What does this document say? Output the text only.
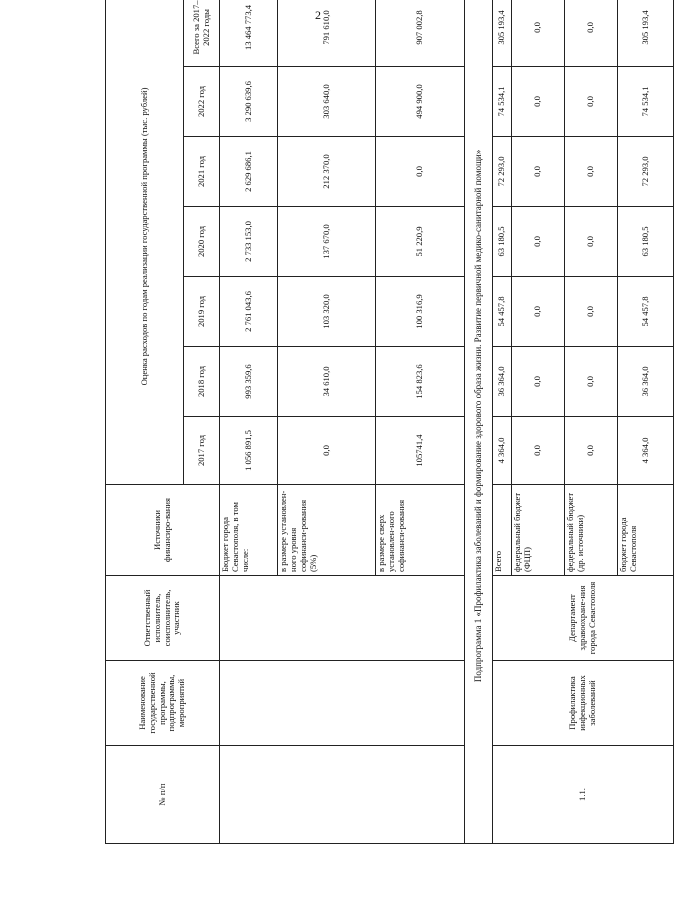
2
№ п/п	Наименование государственной программы, подпрограммы, мероприятий	Ответственный исполнитель, соисполнитель, участник	Источники финансиро-вания	Оценка расходов по годам реализации государственной программы (тыс. рублей)						
				2017 год	2018 год	2019 год	2020 год	2021 год	2022 год	Всего за 2017–2022 годы
			Бюджет города Севастополя, в том числе:	1 056 891,5	993 359,6	2 761 043,6	2 733 153,0	2 629 686,1	3 290 639,6	13 464 773,4
			в размере установлен-ного уровня софинанси-рования (5%)	0,0	34 610,0	103 320,0	137 670,0	212 370,0	303 640,0	791 610,0
			в размере сверх установлен-ного софинанси-рования	105741,4	154 823,6	100 316,9	51 220,9	0,0	494 900,0	907 002,8
Подпрограмма 1 «Профилактика заболеваний и формирование здорового образа жизни. Развитие первичной медико-санитарной помощи»										
1.1.	Профилактика инфекционных заболеваний	Департамент здравоохране-ния города Севастополя	Всего	4 364,0	36 364,0	54 457,8	63 180,5	72 293,0	74 534,1	305 193,4
			федеральный бюджет (ФЦП)	0,0	0,0	0,0	0,0	0,0	0,0	0,0
			федеральный бюджет (др. источники)	0,0	0,0	0,0	0,0	0,0	0,0	0,0
			бюджет города Севастополя	4 364,0	36 364,0	54 457,8	63 180,5	72 293,0	74 534,1	305 193,4
